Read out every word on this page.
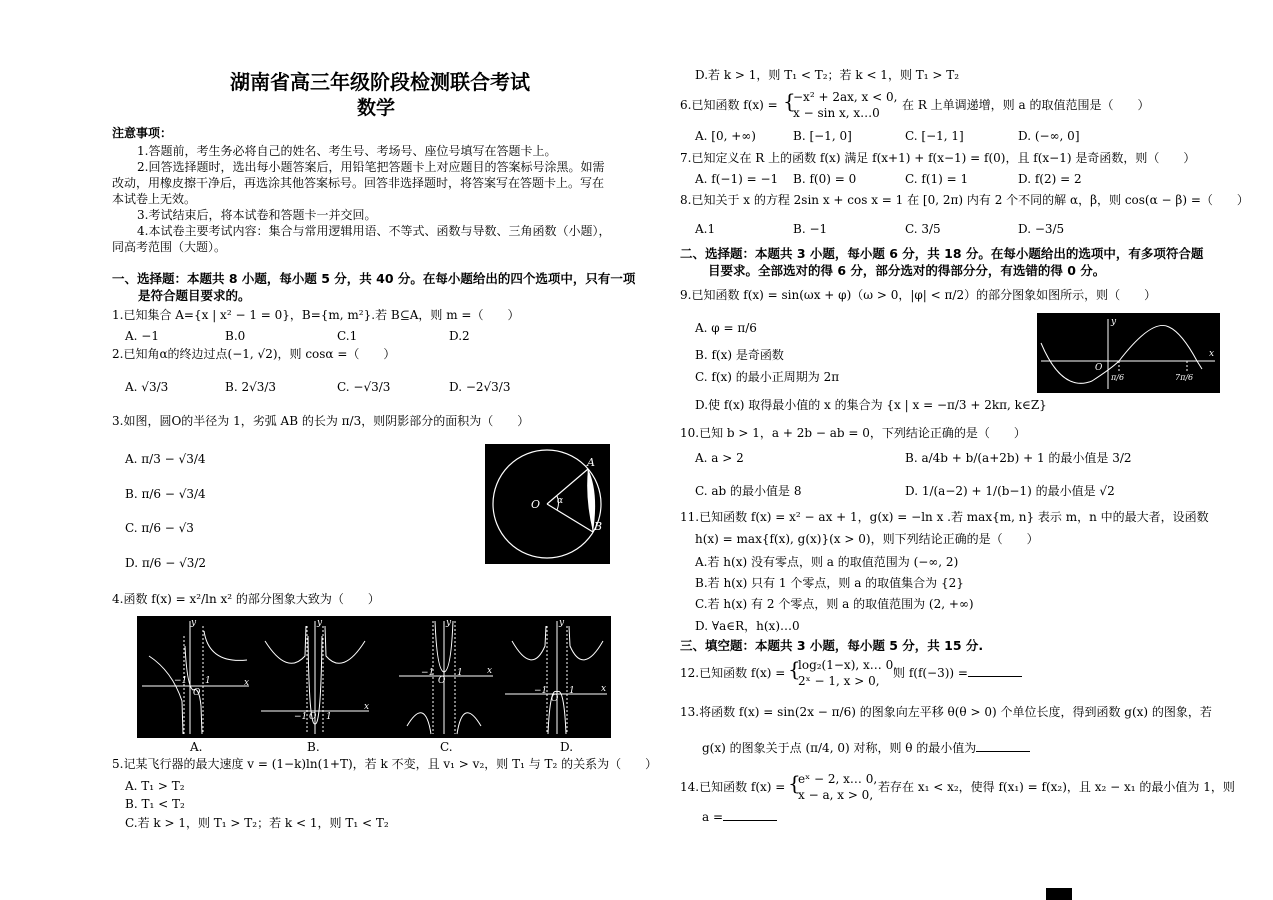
湖南省高三年级阶段检测联合考试
数学
注意事项：
1.答题前，考生务必将自己的姓名、考生号、考场号、座位号填写在答题卡上。
2.回答选择题时，选出每小题答案后，用铅笔把答题卡上对应题目的答案标号涂黑。如需
改动，用橡皮擦干净后，再选涂其他答案标号。回答非选择题时，将答案写在答题卡上。写在
本试卷上无效。
3.考试结束后，将本试卷和答题卡一并交回。
4.本试卷主要考试内容：集合与常用逻辑用语、不等式、函数与导数、三角函数（小题），
同高考范围（大题）。
一、选择题：本题共 8 小题，每小题 5 分，共 40 分。在每小题给出的四个选项中，只有一项
是符合题目要求的。
1.已知集合 A={x | x² − 1 = 0}，B={m, m²}.若 B⊆A，则 m =（　　）
A. −1	B.0	C.1	D.2
2.已知角α的终边过点(−1, √2)，则 cosα =（　　）
A. √3/3	B. 2√3/3	C. −√3/3	D. −2√3/3
3.如图，圆O的半径为 1，劣弧 AB 的长为 π/3，则阴影部分的面积为（　　）
A. π/3 − √3/4
B. π/6 − √3/4
C. π/6 − √3
D. π/6 − √3/2
A
O α
B
4.函数 f(x) = x²/ln x² 的部分图象大致为（　　）
y
x
O
−1 1
y
x
O
−1 1
y
x
O
−1	1
y
x
O
−1 1
A.	B.	C.	D.
5.记某飞行器的最大速度 v = (1−k)ln(1+T)，若 k 不变，且 v₁ > v₂，则 T₁ 与 T₂ 的关系为（　　）
A. T₁ > T₂
B. T₁ < T₂
C.若 k > 1，则 T₁ > T₂；若 k < 1，则 T₁ < T₂
D.若 k > 1，则 T₁ < T₂；若 k < 1，则 T₁ > T₂
6.已知函数 f(x) = {
−x² + 2ax, x < 0,
x − sin x, x…0
在 R 上单调递增，则 a 的取值范围是（　　）
A. [0, +∞)	B. [−1, 0]	C. [−1, 1]	D. (−∞, 0]
7.已知定义在 R 上的函数 f(x) 满足 f(x+1) + f(x−1) = f(0)，且 f(x−1) 是奇函数，则（　　）
A. f(−1) = −1 B. f(0) = 0	C. f(1) = 1	D. f(2) = 2
8.已知关于 x 的方程 2sin x + cos x = 1 在 [0, 2π) 内有 2 个不同的解 α，β，则 cos(α − β) =（　　）
A.1	B. −1	C. 3/5	D. −3/5
二、选择题：本题共 3 小题，每小题 6 分，共 18 分。在每小题给出的选项中，有多项符合题
目要求。全部选对的得 6 分，部分选对的得部分分，有选错的得 0 分。
9.已知函数 f(x) = sin(ωx + φ)（ω > 0，|φ| < π/2）的部分图象如图所示，则（　　）
A. φ = π/6
B. f(x) 是奇函数
C. f(x) 的最小正周期为 2π
D.使 f(x) 取得最小值的 x 的集合为 {x | x = −π/3 + 2kπ, k∈Z}
y
x
O
π/6	7π/6
10.已知 b > 1，a + 2b − ab = 0，下列结论正确的是（　　）
A. a > 2	B. a/4b + b/(a+2b) + 1 的最小值是 3/2
C. ab 的最小值是 8	D. 1/(a−2) + 1/(b−1) 的最小值是 √2
11.已知函数 f(x) = x² − ax + 1，g(x) = −ln x .若 max{m, n} 表示 m，n 中的最大者，设函数
h(x) = max{f(x), g(x)}(x > 0)，则下列结论正确的是（　　）
A.若 h(x) 没有零点，则 a 的取值范围为 (−∞, 2)
B.若 h(x) 只有 1 个零点，则 a 的取值集合为 {2}
C.若 h(x) 有 2 个零点，则 a 的取值范围为 (2, +∞)
D. ∀a∈R，h(x)…0
三、填空题：本题共 3 小题，每小题 5 分，共 15 分.
12.已知函数 f(x) = {
log₂(1−x), x… 0,
2ˣ − 1, x > 0,
则 f(f(−3)) =
13.将函数 f(x) = sin(2x − π/6) 的图象向左平移 θ(θ > 0) 个单位长度，得到函数 g(x) 的图象，若
g(x) 的图象关于点 (π/4, 0) 对称，则 θ 的最小值为
14.已知函数 f(x) = {
eˣ − 2, x… 0,
x − a, x > 0,
若存在 x₁ < x₂，使得 f(x₁) = f(x₂)，且 x₂ − x₁ 的最小值为 1，则
a =
